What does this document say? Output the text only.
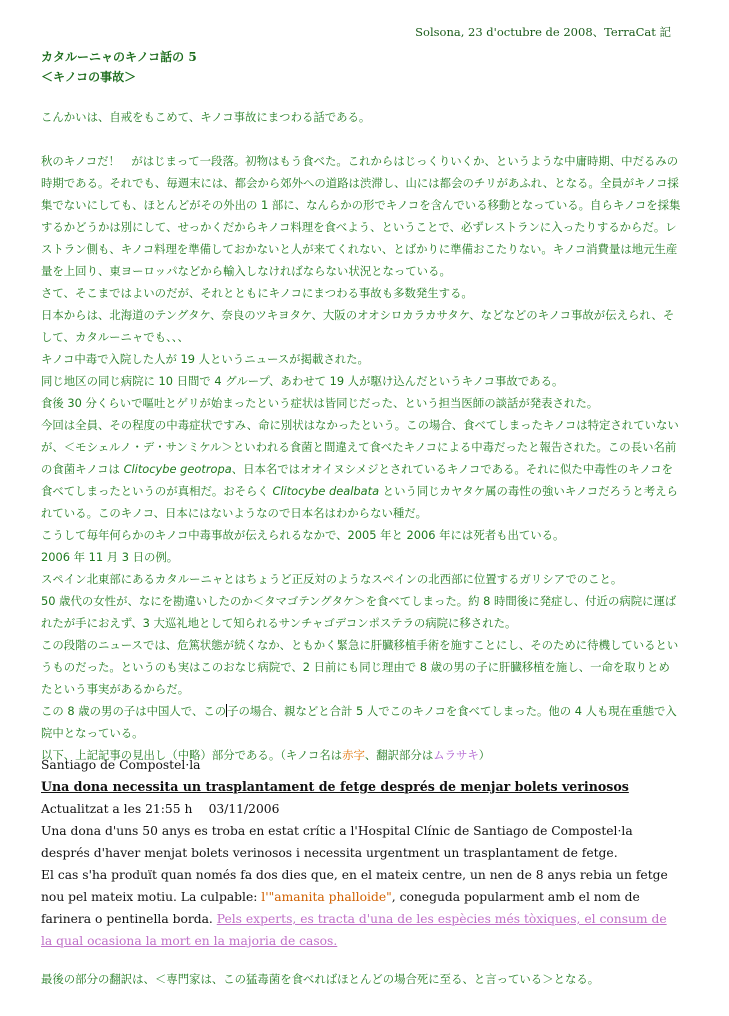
Solsona, 23 d'octubre de 2008、TerraCat 記
カタルーニャのキノコ話の 5
＜キノコの事故＞

こんかいは、自戒をもこめて、キノコ事故にまつわる話である。

秋のキノコだ！　がはじまって一段落。初物はもう食べた。これからはじっくりいくか、というような中庸時期、中だるみの時期である。それでも、毎週末には、都会から郊外への道路は渋滞し、山には都会のチリがあふれ、となる。全員がキノコ採集でないにしても、ほとんどがその外出の 1 部に、なんらかの形でキノコを含んでいる移動となっている。自らキノコを採集するかどうかは別にして、せっかくだからキノコ料理を食べよう、ということで、必ずレストランに入ったりするからだ。レストラン側も、キノコ料理を準備しておかないと人が来てくれない、とばかりに準備おこたりない。キノコ消費量は地元生産量を上回り、東ヨーロッパなどから輸入しなければならない状況となっている。

さて、そこまではよいのだが、それとともにキノコにまつわる事故も多数発生する。

日本からは、北海道のテングタケ、奈良のツキヨタケ、大阪のオオシロカラカサタケ、などなどのキノコ事故が伝えられ、そして、カタルーニャでも、、、

キノコ中毒で入院した人が 19 人というニュースが掲載された。

同じ地区の同じ病院に 10 日間で 4 グループ、あわせて 19 人が駆け込んだというキノコ事故である。

食後 30 分くらいで嘔吐とゲリが始まったという症状は皆同じだった、という担当医師の談話が発表された。

今回は全員、その程度の中毒症状ですみ、命に別状はなかったという。この場合、食べてしまったキノコは特定されていないが、＜モシェルノ・デ・サンミケル＞といわれる食菌と間違えて食べたキノコによる中毒だったと報告された。この長い名前の食菌キノコは Clitocybe geotropa、日本名ではオオイヌシメジとされているキノコである。それに似た中毒性のキノコを食べてしまったというのが真相だ。おそらく Clitocybe dealbata という同じカヤタケ属の毒性の強いキノコだろうと考えられている。このキノコ、日本にはないようなので日本名はわからない種だ。

こうして毎年何らかのキノコ中毒事故が伝えられるなかで、2005 年と 2006 年には死者も出ている。

2006 年 11 月 3 日の例。

スペイン北東部にあるカタルーニャとはちょうど正反対のようなスペインの北西部に位置するガリシアでのこと。

50 歳代の女性が、なにを勘違いしたのか＜タマゴテングタケ＞を食べてしまった。約 8 時間後に発症し、付近の病院に運ばれたが手におえず、3 大巡礼地として知られるサンチャゴデコンポステラの病院に移された。

この段階のニュースでは、危篤状態が続くなか、ともかく緊急に肝臓移植手術を施すことにし、そのために待機しているというものだった。というのも実はこのおなじ病院で、2 日前にも同じ理由で 8 歳の男の子に肝臓移植を施し、一命を取りとめたという事実があるからだ。

この 8 歳の男の子は中国人で、この子の場合、親などと合計 5 人でこのキノコを食べてしまった。他の 4 人も現在重態で入院中となっている。

以下、上記記事の見出し（中略）部分である。（キノコ名は赤字、翻訳部分はムラサキ）

Santiago de Compostel·la

Una dona necessita un trasplantament de fetge després de menjar bolets verinosos

Actualitzat a les 21:55 h　 03/11/2006

Una dona d'uns 50 anys es troba en estat crític a l'Hospital Clínic de Santiago de Compostel·la després d'haver menjat bolets verinosos i necessita urgentment un trasplantament de fetge.

El cas s'ha produït quan només fa dos dies que, en el mateix centre, un nen de 8 anys rebia un fetge nou pel mateix motiu. La culpable: l'"amanita phalloide", coneguda popularment amb el nom de farinera o pentinella borda. Pels experts, es tracta d'una de les espècies més tòxiques, el consum de la qual ocasiona la mort en la majoria de casos.

最後の部分の翻訳は、＜専門家は、この猛毒菌を食べればほとんどの場合死に至る、と言っている＞となる。
